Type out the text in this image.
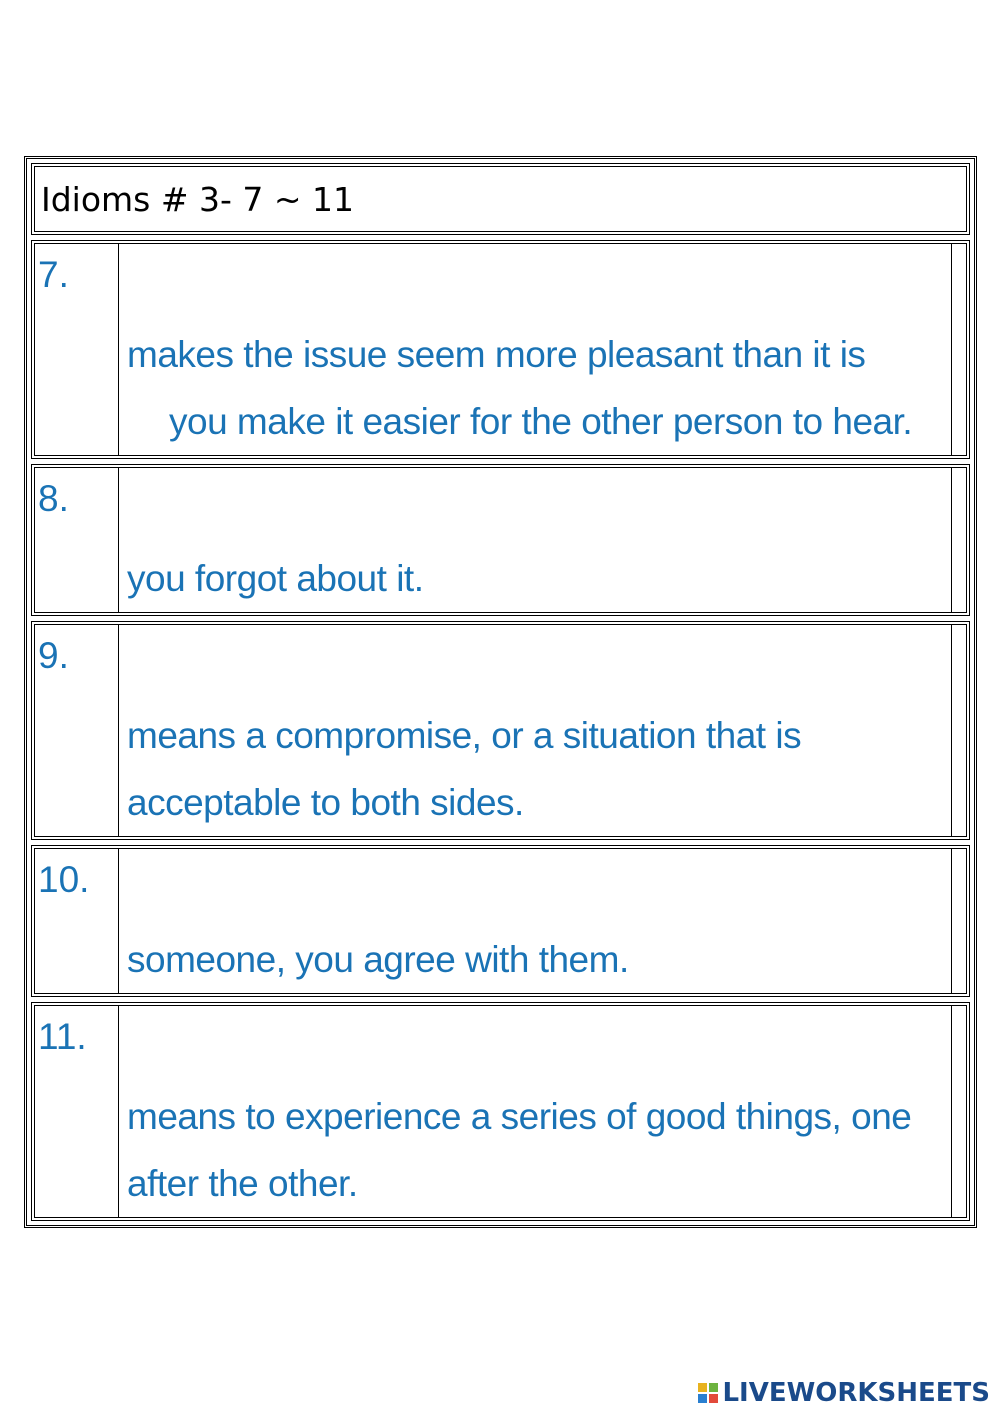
Idioms # 3- 7 ~ 11
7.
makes the issue seem more pleasant than it is
you make it easier for the other person to hear.
8.
you forgot about it.
9.
means a compromise, or a situation that is
acceptable to both sides.
10.
someone, you agree with them.
11.
means to experience a series of good things, one
after the other.
LIVEWORKSHEETS
